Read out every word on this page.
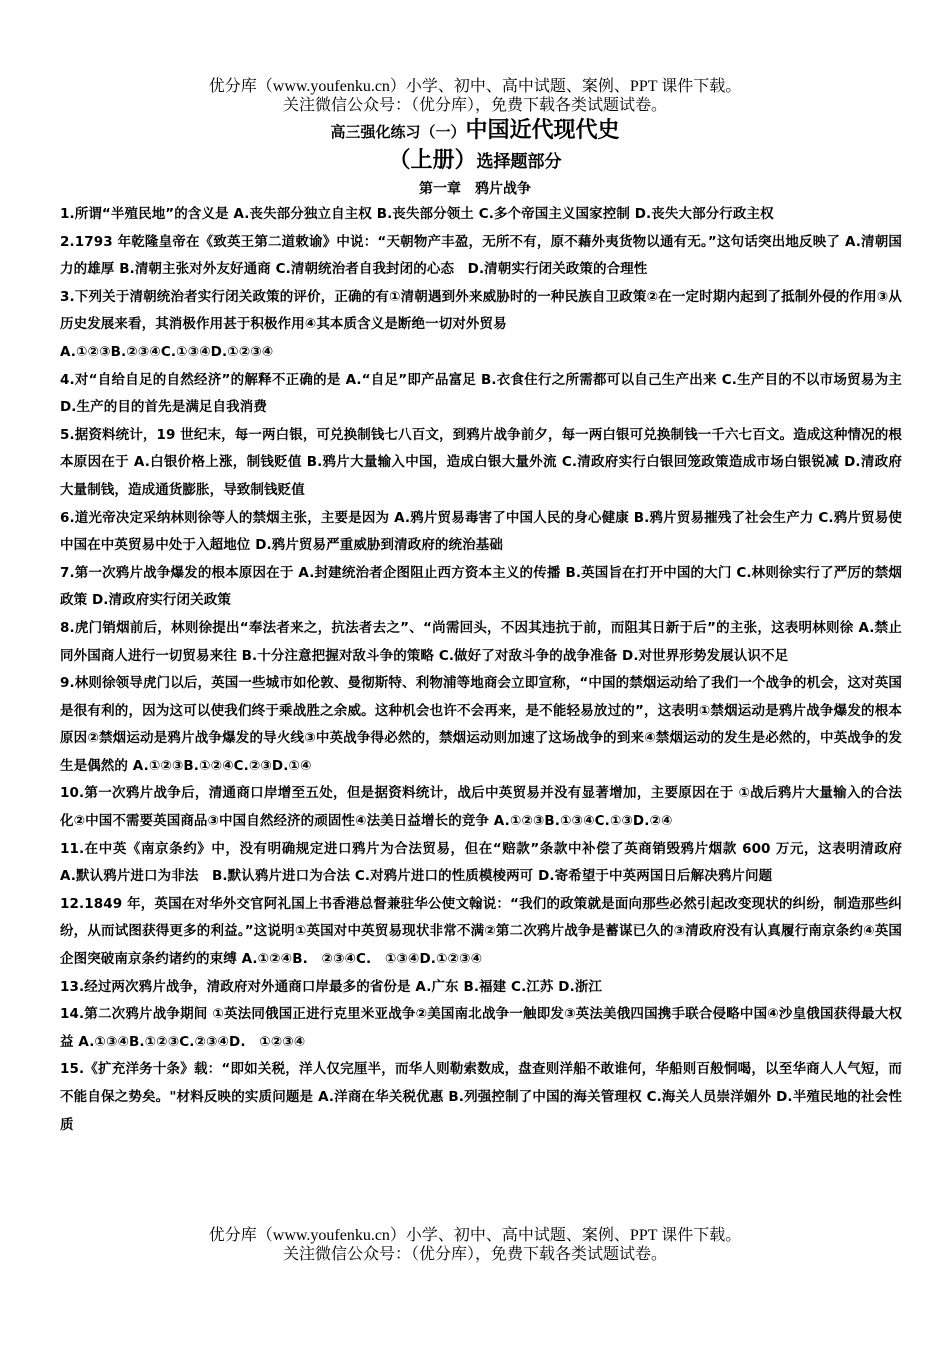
优分库（www.youfenku.cn）小学、初中、高中试题、案例、PPT 课件下载。
关注微信公众号：（优分库），免费下载各类试题试卷。
高三强化练习（一）中国近代现代史
（上册）选择题部分
第一章　鸦片战争

1.所谓“半殖民地”的含义是 A.丧失部分独立自主权 B.丧失部分领土 C.多个帝国主义国家控制 D.丧失大部分行政主权

2.1793 年乾隆皇帝在《致英王第二道敕谕》中说：“天朝物产丰盈，无所不有，原不藉外夷货物以通有无。”这句话突出地反映了 A.清朝国力的雄厚 B.清朝主张对外友好通商 C.清朝统治者自我封闭的心态　D.清朝实行闭关政策的合理性

3.下列关于清朝统治者实行闭关政策的评价，正确的有①清朝遇到外来威胁时的一种民族自卫政策②在一定时期内起到了抵制外侵的作用③从历史发展来看，其消极作用甚于积极作用④其本质含义是断绝一切对外贸易

A.①②③B.②③④C.①③④D.①②③④

4.对“自给自足的自然经济”的解释不正确的是 A.“自足”即产品富足 B.衣食住行之所需都可以自己生产出来 C.生产目的不以市场贸易为主 D.生产的目的首先是满足自我消费

5.据资料统计，19 世纪末，每一两白银，可兑换制钱七八百文，到鸦片战争前夕，每一两白银可兑换制钱一千六七百文。造成这种情况的根本原因在于 A.白银价格上涨，制钱贬值 B.鸦片大量输入中国，造成白银大量外流 C.清政府实行白银回笼政策造成市场白银锐减 D.清政府大量制钱，造成通货膨胀，导致制钱贬值

6.道光帝决定采纳林则徐等人的禁烟主张，主要是因为 A.鸦片贸易毒害了中国人民的身心健康 B.鸦片贸易摧残了社会生产力 C.鸦片贸易使中国在中英贸易中处于入超地位 D.鸦片贸易严重威胁到清政府的统治基础

7.第一次鸦片战争爆发的根本原因在于 A.封建统治者企图阻止西方资本主义的传播 B.英国旨在打开中国的大门 C.林则徐实行了严厉的禁烟政策 D.清政府实行闭关政策

8.虎门销烟前后，林则徐提出“奉法者来之，抗法者去之”、“尚需回头，不因其违抗于前，而阻其日新于后”的主张，这表明林则徐 A.禁止同外国商人进行一切贸易来往 B.十分注意把握对敌斗争的策略 C.做好了对敌斗争的战争准备 D.对世界形势发展认识不足

9.林则徐领导虎门以后，英国一些城市如伦敦、曼彻斯特、利物浦等地商会立即宣称，“中国的禁烟运动给了我们一个战争的机会，这对英国是很有利的，因为这可以使我们终于乘战胜之余威。这种机会也许不会再来，是不能轻易放过的”，这表明①禁烟运动是鸦片战争爆发的根本原因②禁烟运动是鸦片战争爆发的导火线③中英战争得必然的，禁烟运动则加速了这场战争的到来④禁烟运动的发生是必然的，中英战争的发生是偶然的 A.①②③B.①②④C.②③D.①④

10.第一次鸦片战争后，清通商口岸增至五处，但是据资料统计，战后中英贸易并没有显著增加，主要原因在于 ①战后鸦片大量输入的合法化②中国不需要英国商品③中国自然经济的顽固性④法美日益增长的竞争 A.①②③B.①③④C.①③D.②④

11.在中英《南京条约》中，没有明确规定进口鸦片为合法贸易，但在“赔款”条款中补偿了英商销毁鸦片烟款 600 万元，这表明清政府　A.默认鸦片进口为非法　B.默认鸦片进口为合法 C.对鸦片进口的性质模棱两可 D.寄希望于中英两国日后解决鸦片问题

12.1849 年，英国在对华外交官阿礼国上书香港总督兼驻华公使文翰说：“我们的政策就是面向那些必然引起改变现状的纠纷，制造那些纠纷，从而试图获得更多的利益。”这说明①英国对中英贸易现状非常不满②第二次鸦片战争是蓄谋已久的③清政府没有认真履行南京条约④英国企图突破南京条约诸约的束缚 A.①②④B.　②③④C.　①③④D.①②③④

13.经过两次鸦片战争，清政府对外通商口岸最多的省份是 A.广东 B.福建 C.江苏 D.浙江

14.第二次鸦片战争期间 ①英法同俄国正进行克里米亚战争②美国南北战争一触即发③英法美俄四国携手联合侵略中国④沙皇俄国获得最大权益 A.①③④B.①②③C.②③④D.　①②③④

15.《扩充洋务十条》载：“即如关税，洋人仅完厘半，而华人则勒索数成，盘查则洋船不敢谁何，华船则百般恫喝，以至华商人人气短，而不能自保之势矣。"材料反映的实质问题是 A.洋商在华关税优惠 B.列强控制了中国的海关管理权 C.海关人员崇洋媚外 D.半殖民地的社会性质

优分库（www.youfenku.cn）小学、初中、高中试题、案例、PPT 课件下载。
关注微信公众号：（优分库），免费下载各类试题试卷。
